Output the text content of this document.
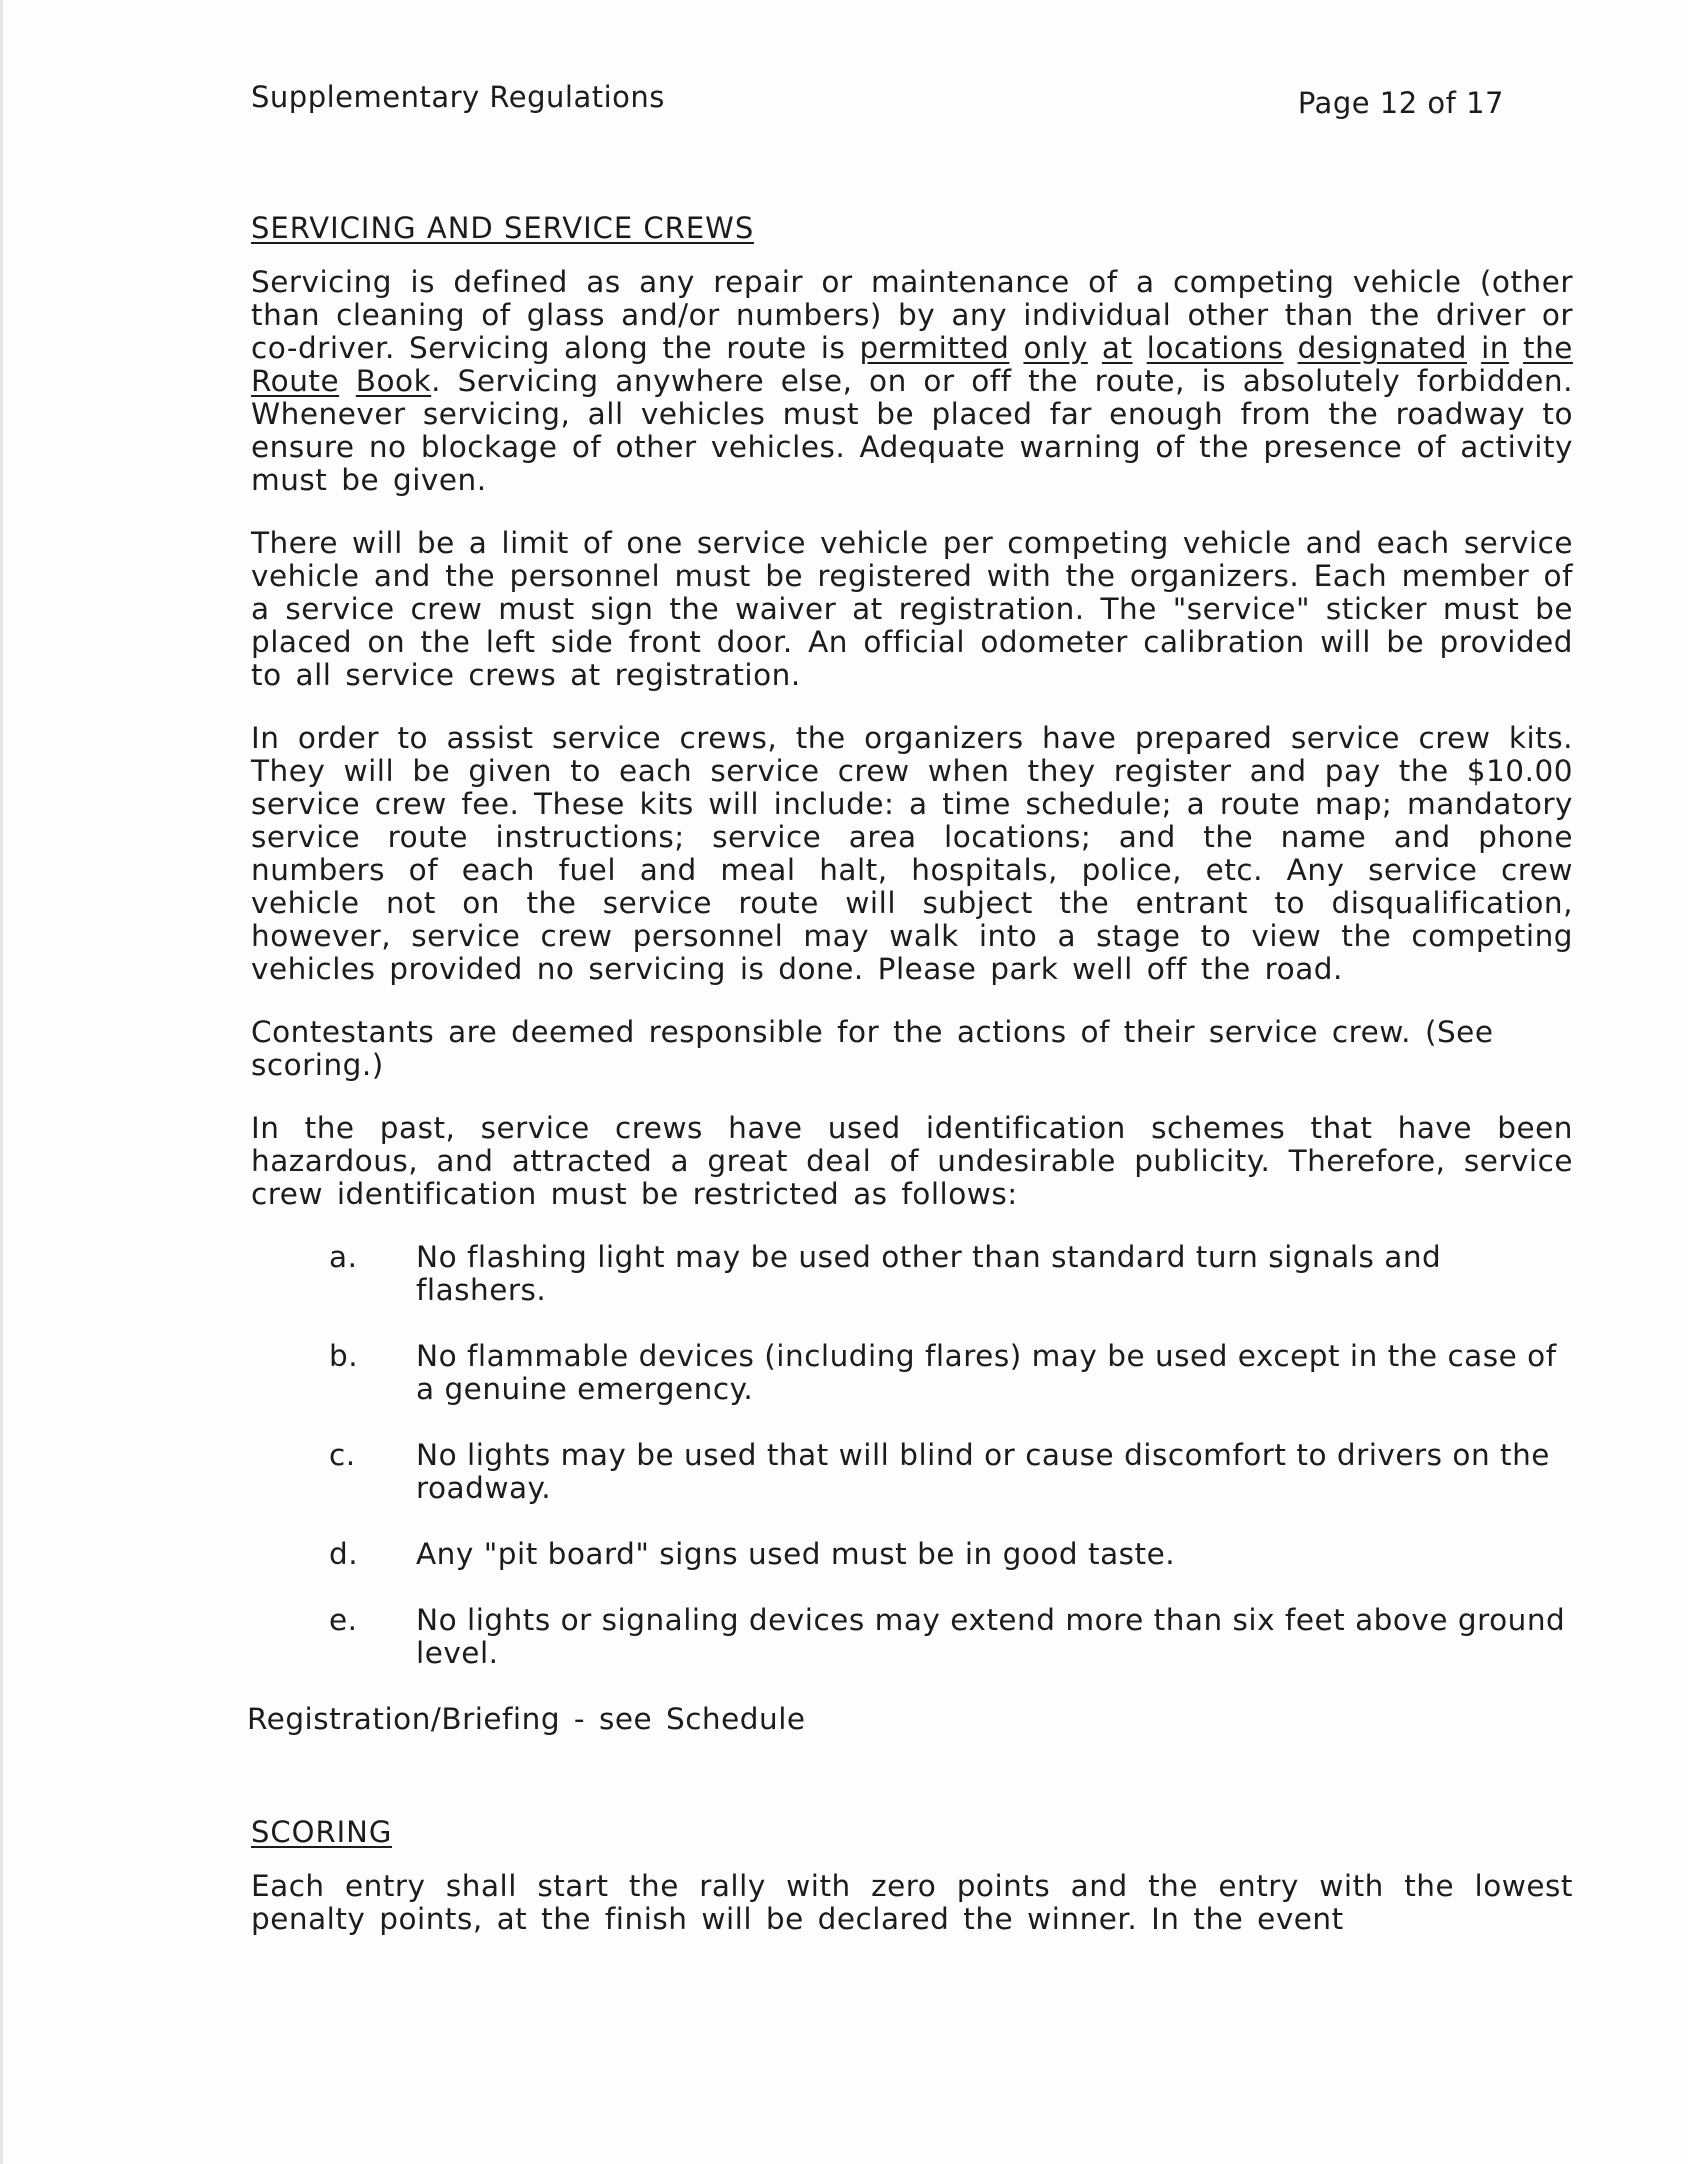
Supplementary Regulations	Page 12 of 17
SERVICING AND SERVICE CREWS

Servicing is defined as any repair or maintenance of a competing vehicle (other than cleaning of glass and/or numbers) by any individual other than the driver or co-driver. Servicing along the route is permitted only at locations designated in the Route Book. Servicing anywhere else, on or off the route, is absolutely forbidden. Whenever servicing, all vehicles must be placed far enough from the roadway to ensure no blockage of other vehicles. Adequate warning of the presence of activity must be given.

There will be a limit of one service vehicle per competing vehicle and each service vehicle and the personnel must be registered with the organizers. Each member of a service crew must sign the waiver at registration. The "service" sticker must be placed on the left side front door. An official odometer calibration will be provided to all service crews at registration.

In order to assist service crews, the organizers have prepared service crew kits. They will be given to each service crew when they register and pay the $10.00 service crew fee. These kits will include: a time schedule; a route map; mandatory service route instructions; service area locations; and the name and phone numbers of each fuel and meal halt, hospitals, police, etc. Any service crew vehicle not on the service route will subject the entrant to disqualification, however, service crew personnel may walk into a stage to view the competing vehicles provided no servicing is done. Please park well off the road.

Contestants are deemed responsible for the actions of their service crew. (See scoring.)

In the past, service crews have used identification schemes that have been hazardous, and attracted a great deal of undesirable publicity. Therefore, service crew identification must be restricted as follows:

a. No flashing light may be used other than standard turn signals and flashers.
b. No flammable devices (including flares) may be used except in the case of a genuine emergency.
c. No lights may be used that will blind or cause discomfort to drivers on the roadway.
d. Any "pit board" signs used must be in good taste.
e. No lights or signaling devices may extend more than six feet above ground level.

Registration/Briefing - see Schedule

SCORING

Each entry shall start the rally with zero points and the entry with the lowest penalty points, at the finish will be declared the winner. In the event
